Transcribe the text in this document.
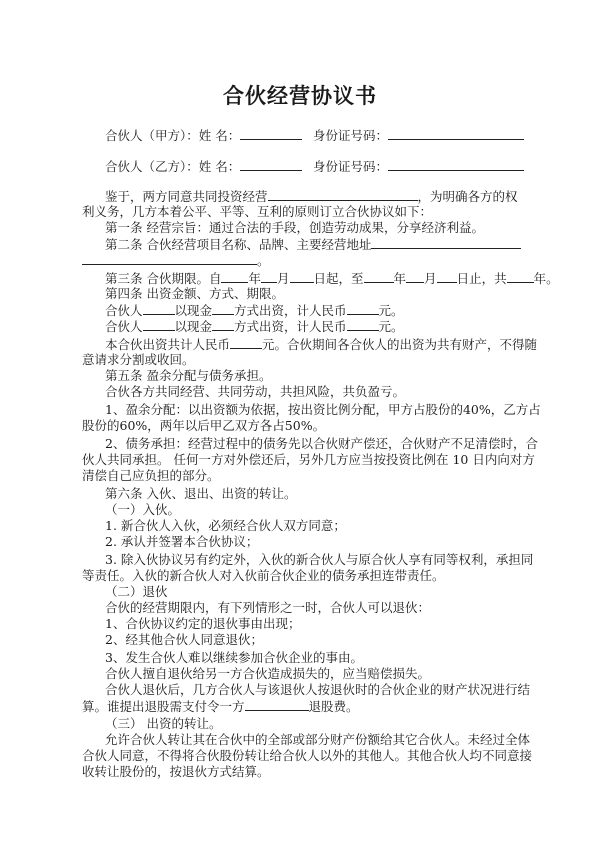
合伙经营协议书
合伙人（甲方）：姓 名：	身份证号码：
合伙人（乙方）：姓 名：	身份证号码：
鉴于，两方同意共同投资经营	，为明确各方的权
利义务，几方本着公平、平等、互利的原则订立合伙协议如下：
第一条 经营宗旨：通过合法的手段，创造劳动成果，分享经济利益。
第二条 合伙经营项目名称、品牌、主要经营地址
。
第三条 合伙期限。自 年 月 日起，至 年 月 日止，共 年。
第四条 出资金额、方式、期限。
合伙人	以现金 方式出资，计人民币	元。
合伙人	以现金 方式出资，计人民币	元。
本合伙出资共计人民币	元。合伙期间各合伙人的出资为共有财产，不得随
意请求分割或收回。
第五条 盈余分配与债务承担。
合伙各方共同经营、共同劳动，共担风险，共负盈亏。
1、盈余分配：以出资额为依据，按出资比例分配，甲方占股份的40%，乙方占
股份的60%，两年以后甲乙双方各占50%。
2、债务承担：经营过程中的债务先以合伙财产偿还，合伙财产不足清偿时，合
伙人共同承担。 任何一方对外偿还后，另外几方应当按投资比例在 10 日内向对方
清偿自己应负担的部分。
第六条 入伙、退出、出资的转让。
（一）入伙。
1. 新合伙人入伙，必须经合伙人双方同意；
2. 承认并签署本合伙协议；
3. 除入伙协议另有约定外，入伙的新合伙人与原合伙人享有同等权利，承担同
等责任。入伙的新合伙人对入伙前合伙企业的债务承担连带责任。
（二）退伙
合伙的经营期限内，有下列情形之一时，合伙人可以退伙：
1、合伙协议约定的退伙事由出现；
2、经其他合伙人同意退伙；
3、发生合伙人难以继续参加合伙企业的事由。
合伙人擅自退伙给另一方合伙造成损失的，应当赔偿损失。
合伙人退伙后，几方合伙人与该退伙人按退伙时的合伙企业的财产状况进行结
算。谁提出退股需支付令一方	退股费。
（三） 出资的转让。
允许合伙人转让其在合伙中的全部或部分财产份额给其它合伙人。未经过全体
合伙人同意，不得将合伙股份转让给合伙人以外的其他人。其他合伙人均不同意接
收转让股份的，按退伙方式结算。
